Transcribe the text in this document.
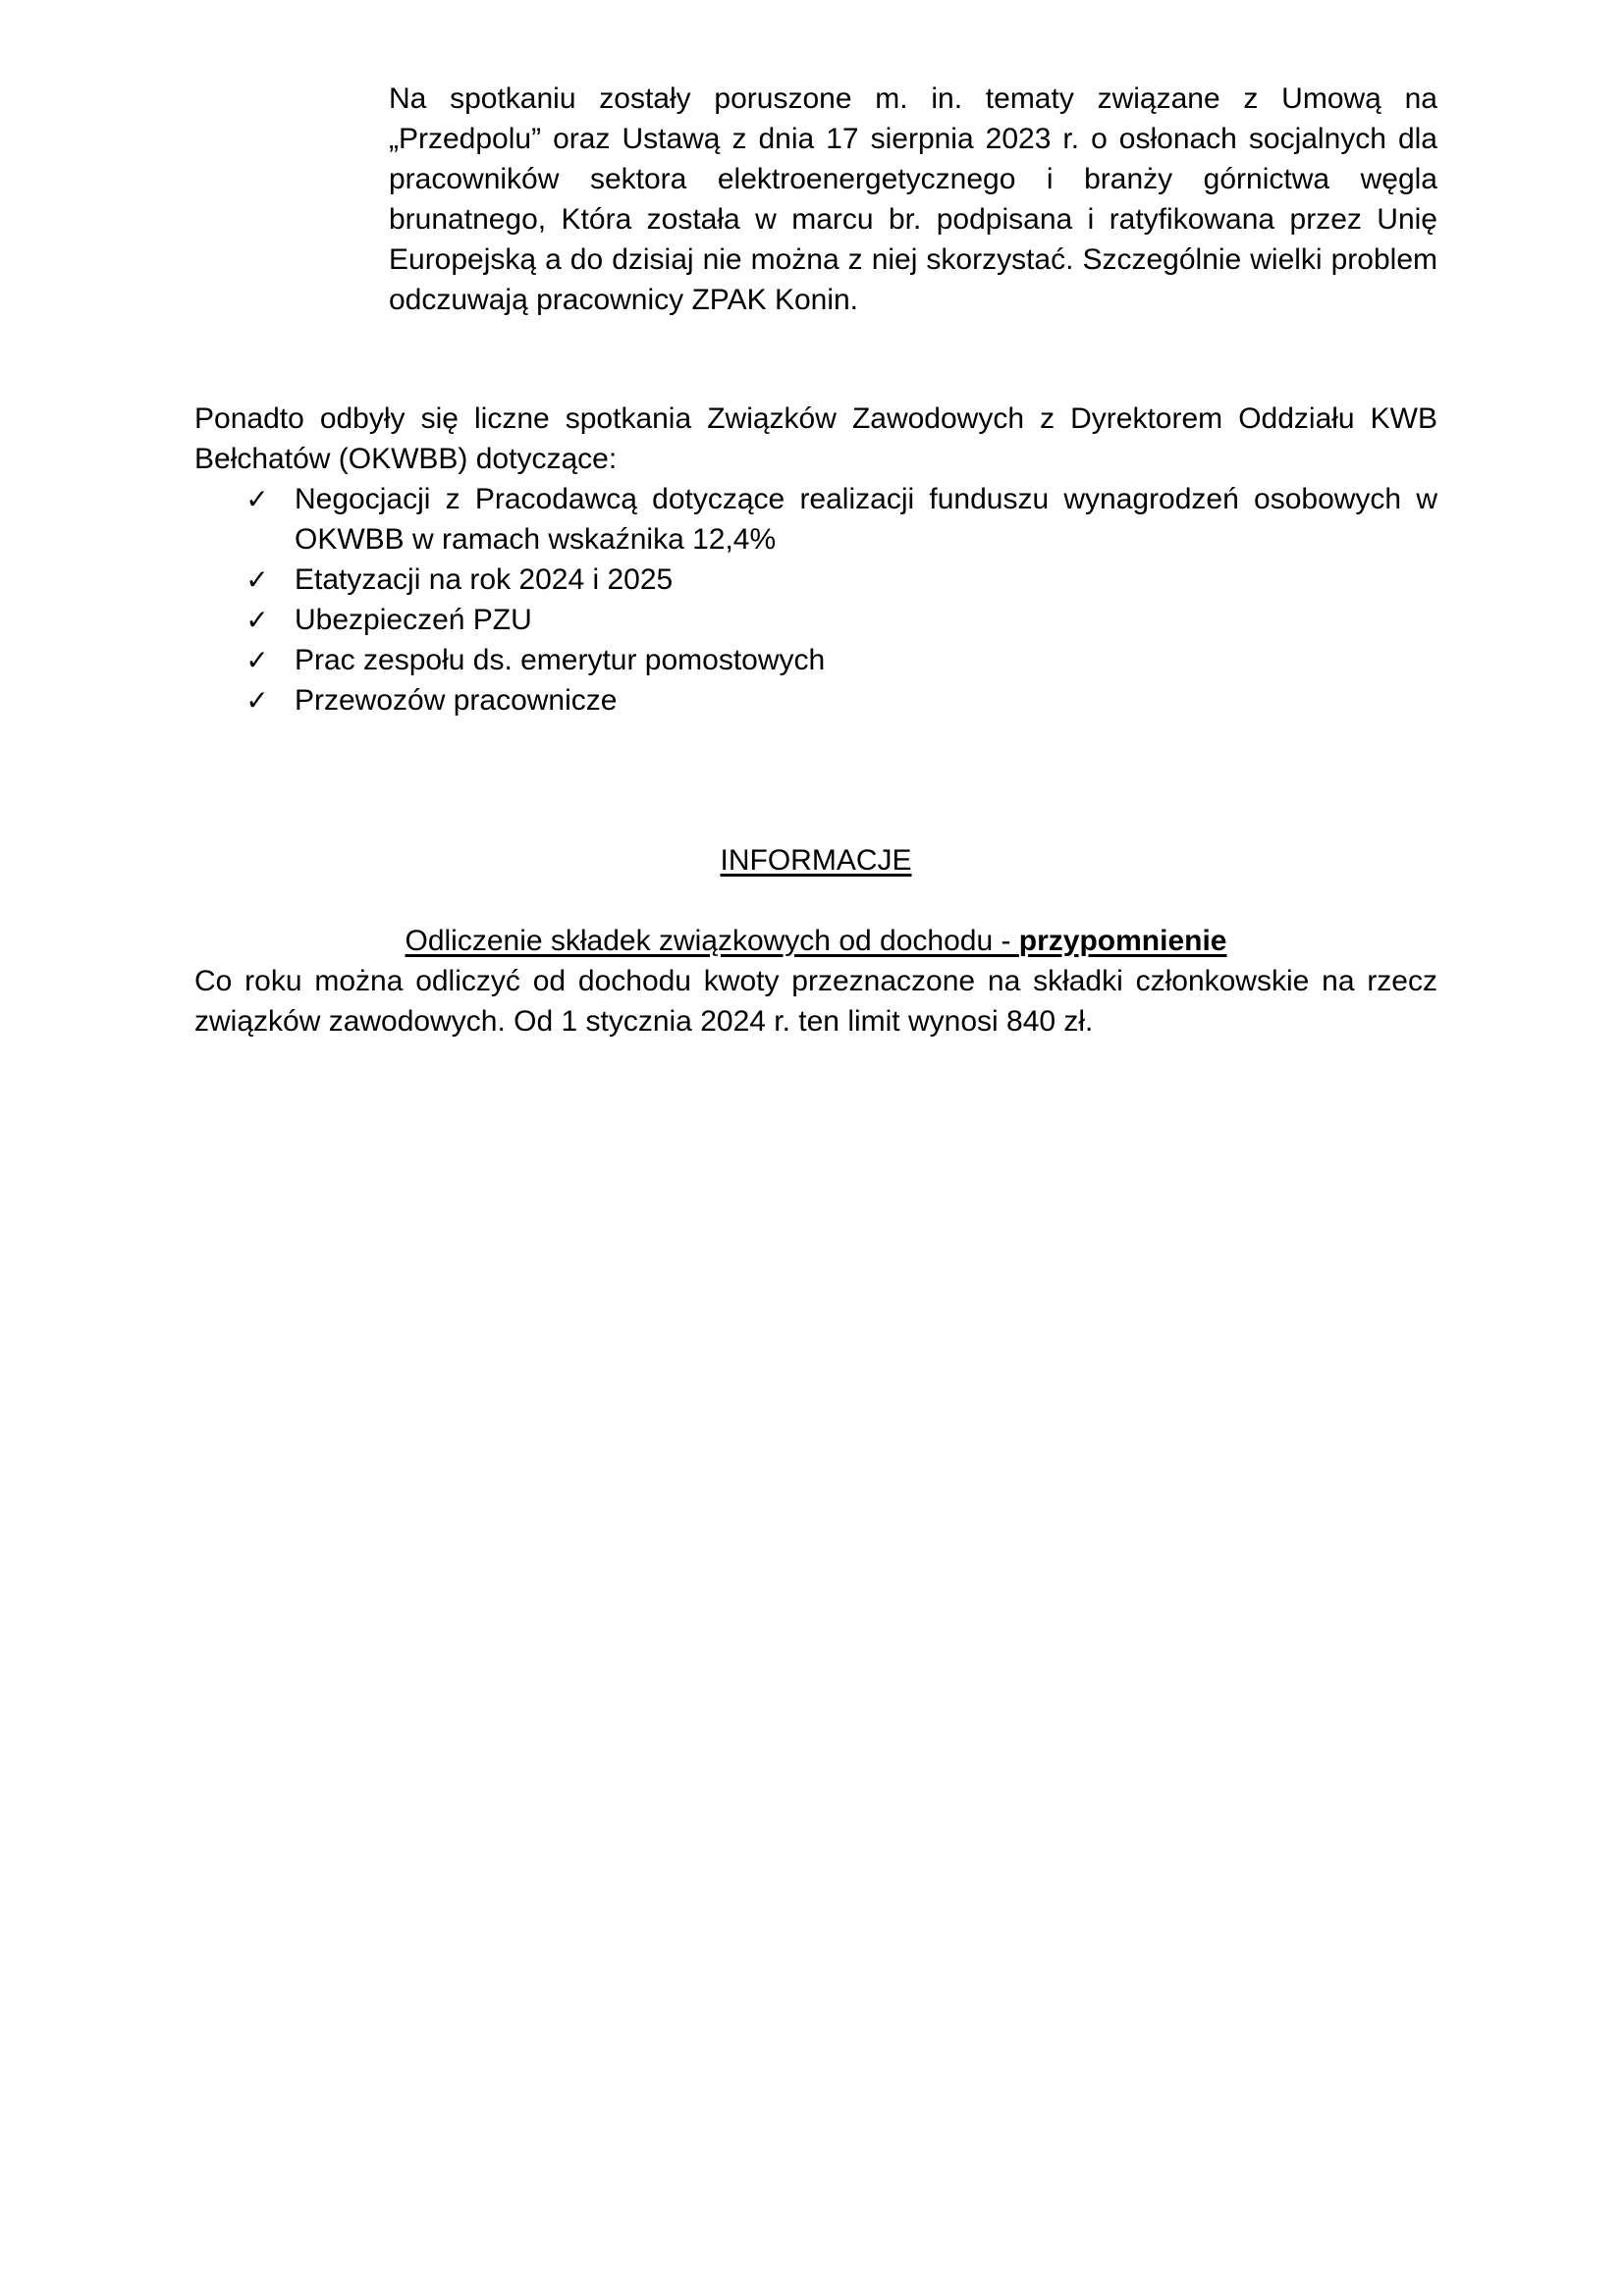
Na spotkaniu zostały poruszone m. in. tematy związane z Umową na „Przedpolu” oraz Ustawą z dnia 17 sierpnia 2023 r. o osłonach socjalnych dla pracowników sektora elektroenergetycznego i branży górnictwa węgla brunatnego, Która została w marcu br. podpisana i ratyfikowana przez Unię Europejską a do dzisiaj nie można z niej skorzystać. Szczególnie wielki problem odczuwają pracownicy ZPAK Konin.

Ponadto odbyły się liczne spotkania Związków Zawodowych z Dyrektorem Oddziału KWB Bełchatów (OKWBB) dotyczące:
✓ Negocjacji z Pracodawcą dotyczące realizacji funduszu wynagrodzeń osobowych w OKWBB w ramach wskaźnika 12,4%
✓ Etatyzacji na rok 2024 i 2025
✓ Ubezpieczeń PZU
✓ Prac zespołu ds. emerytur pomostowych
✓ Przewozów pracownicze

INFORMACJE

Odliczenie składek związkowych od dochodu - przypomnienie

Co roku można odliczyć od dochodu kwoty przeznaczone na składki członkowskie na rzecz związków zawodowych. Od 1 stycznia 2024 r. ten limit wynosi 840 zł.
